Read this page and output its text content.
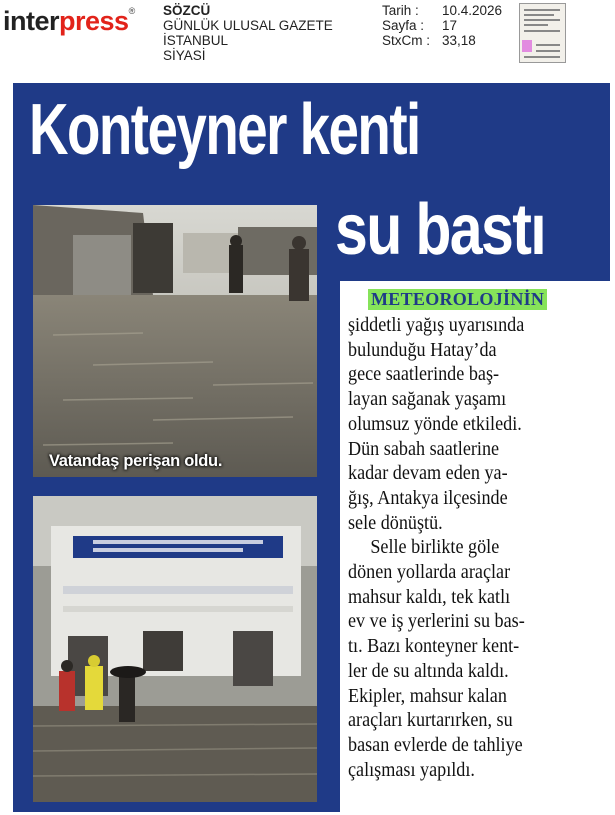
interpress® SÖZCÜ
GÜNLÜK ULUSAL GAZETE
İSTANBUL
SİYASİ
Tarih :	10.4.2026
Sayfa :	17
StxCm : 33,18
Konteyner kenti
su bastı
Vatandaş perişan oldu.
METEOROLOJİNİN
şiddetli yağış uyarısında
bulunduğu Hatay’da
gece saatlerinde baş-
layan sağanak yaşamı
olumsuz yönde etkiledi.
Dün sabah saatlerine
kadar devam eden ya-
ğış, Antakya ilçesinde
sele dönüştü.
Selle birlikte göle
dönen yollarda araçlar
mahsur kaldı, tek katlı
ev ve iş yerlerini su bas-
tı. Bazı konteyner kent-
ler de su altında kaldı.
Ekipler, mahsur kalan
araçları kurtarırken, su
basan evlerde de tahliye
çalışması yapıldı.
